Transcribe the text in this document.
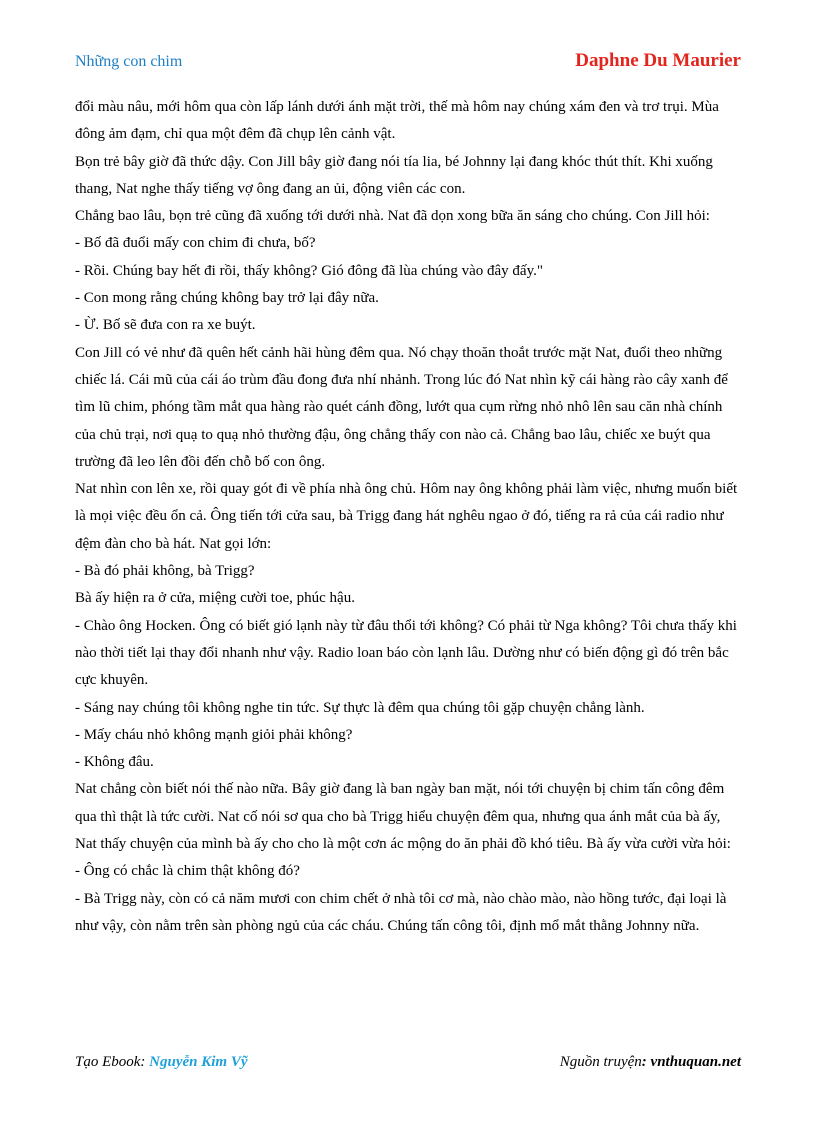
Những con chim	Daphne Du Maurier

đổi màu nâu, mới hôm qua còn lấp lánh dưới ánh mặt trời, thế mà hôm nay chúng xám đen và trơ trụi. Mùa đông ảm đạm, chỉ qua một đêm đã chụp lên cảnh vật.

Bọn trẻ bây giờ đã thức dậy. Con Jill bây giờ đang nói tía lia, bé Johnny lại đang khóc thút thít. Khi xuống thang, Nat nghe thấy tiếng vợ ông đang an ủi, động viên các con.

Chẳng bao lâu, bọn trẻ cũng đã xuống tới dưới nhà. Nat đã dọn xong bữa ăn sáng cho chúng. Con Jill hỏi:

- Bố đã đuổi mấy con chim đi chưa, bố?

- Rồi. Chúng bay hết đi rồi, thấy không? Gió đông đã lùa chúng vào đây đấy."

- Con mong rằng chúng không bay trở lại đây nữa.

- Ừ. Bố sẽ đưa con ra xe buýt.

Con Jill có vẻ như đã quên hết cảnh hãi hùng đêm qua. Nó chạy thoăn thoắt trước mặt Nat, đuổi theo những chiếc lá. Cái mũ của cái áo trùm đầu đong đưa nhí nhảnh. Trong lúc đó Nat nhìn kỹ cái hàng rào cây xanh để tìm lũ chim, phóng tầm mắt qua hàng rào quét cánh đồng, lướt qua cụm rừng nhỏ nhô lên sau căn nhà chính của chủ trại, nơi quạ to quạ nhỏ thường đậu, ông chẳng thấy con nào cả. Chẳng bao lâu, chiếc xe buýt qua trường đã leo lên đồi đến chỗ bố con ông.

Nat nhìn con lên xe, rồi quay gót đi về phía nhà ông chủ. Hôm nay ông không phải làm việc, nhưng muốn biết là mọi việc đều ổn cả. Ông tiến tới cửa sau, bà Trigg đang hát nghêu ngao ở đó, tiếng ra rả của cái radio như đệm đàn cho bà hát. Nat gọi lớn:

- Bà đó phải không, bà Trigg?

Bà ấy hiện ra ở cửa, miệng cười toe, phúc hậu.

- Chào ông Hocken. Ông có biết gió lạnh này từ đâu thổi tới không? Có phải từ Nga không? Tôi chưa thấy khi nào thời tiết lại thay đổi nhanh như vậy. Radio loan báo còn lạnh lâu. Dường như có biến động gì đó trên bắc cực khuyên.

- Sáng nay chúng tôi không nghe tin tức. Sự thực là đêm qua chúng tôi gặp chuyện chẳng lành.

- Mấy cháu nhỏ không mạnh giỏi phải không?

- Không đâu.

Nat chẳng còn biết nói thế nào nữa. Bây giờ đang là ban ngày ban mặt, nói tới chuyện bị chim tấn công đêm qua thì thật là tức cười. Nat cố nói sơ qua cho bà Trigg hiểu chuyện đêm qua, nhưng qua ánh mắt của bà ấy, Nat thấy chuyện của mình bà ấy cho cho là một cơn ác mộng do ăn phải đồ khó tiêu. Bà ấy vừa cười vừa hỏi:

- Ông có chắc là chim thật không đó?

- Bà Trigg này, còn có cả năm mươi con chim chết ở nhà tôi cơ mà, nào chào mào, nào hồng tước, đại loại là như vậy, còn nằm trên sàn phòng ngủ của các cháu. Chúng tấn công tôi, định mổ mắt thằng Johnny nữa.

Tạo Ebook: Nguyễn Kim Vỹ	Nguồn truyện: vnthuquan.net
